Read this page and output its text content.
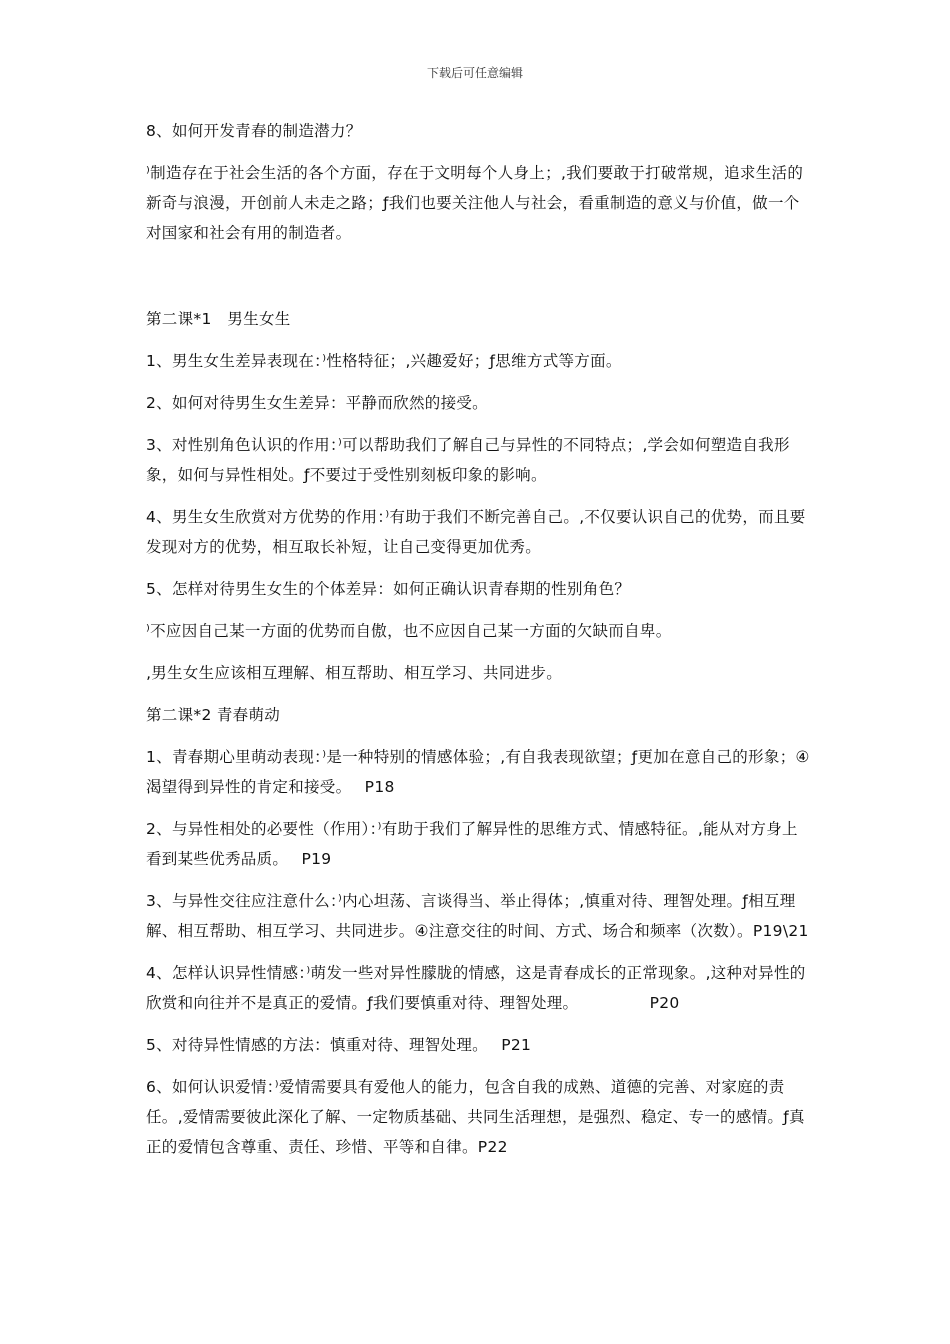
下载后可任意编辑

8、如何开发青春的制造潜力？

⁾制造存在于社会生活的各个方面，存在于文明每个人身上；‚我们要敢于打破常规，追求生活的新奇与浪漫，开创前人未走之路；ƒ我们也要关注他人与社会，看重制造的意义与价值，做一个对国家和社会有用的制造者。

第二课*1　男生女生

1、男生女生差异表现在：⁾性格特征；‚兴趣爱好；ƒ思维方式等方面。

2、如何对待男生女生差异：平静而欣然的接受。

3、对性别角色认识的作用：⁾可以帮助我们了解自己与异性的不同特点；‚学会如何塑造自我形象，如何与异性相处。ƒ不要过于受性别刻板印象的影响。

4、男生女生欣赏对方优势的作用：⁾有助于我们不断完善自己。‚不仅要认识自己的优势，而且要发现对方的优势，相互取长补短，让自己变得更加优秀。

5、怎样对待男生女生的个体差异：如何正确认识青春期的性别角色？

⁾不应因自己某一方面的优势而自傲，也不应因自己某一方面的欠缺而自卑。

‚男生女生应该相互理解、相互帮助、相互学习、共同进步。

第二课*2 青春萌动

1、青春期心里萌动表现：⁾是一种特别的情感体验；‚有自我表现欲望；ƒ更加在意自己的形象；④渴望得到异性的肯定和接受。　 P18

2、与异性相处的必要性（作用）：⁾有助于我们了解异性的思维方式、情感特征。‚能从对方身上看到某些优秀品质。　 P19

3、与异性交往应注意什么：⁾内心坦荡、言谈得当、举止得体；‚慎重对待、理智处理。ƒ相互理解、相互帮助、相互学习、共同进步。④注意交往的时间、方式、场合和频率（次数）。P19\21

4、怎样认识异性情感：⁾萌发一些对异性朦胧的情感，这是青春成长的正常现象。‚这种对异性的欣赏和向往并不是真正的爱情。ƒ我们要慎重对待、理智处理。　　　　　P20

5、对待异性情感的方法：慎重对待、理智处理。　 P21

6、如何认识爱情：⁾爱情需要具有爱他人的能力，包含自我的成熟、道德的完善、对家庭的责任。‚爱情需要彼此深化了解、一定物质基础、共同生活理想，是强烈、稳定、专一的感情。ƒ真正的爱情包含尊重、责任、珍惜、平等和自律。P22
